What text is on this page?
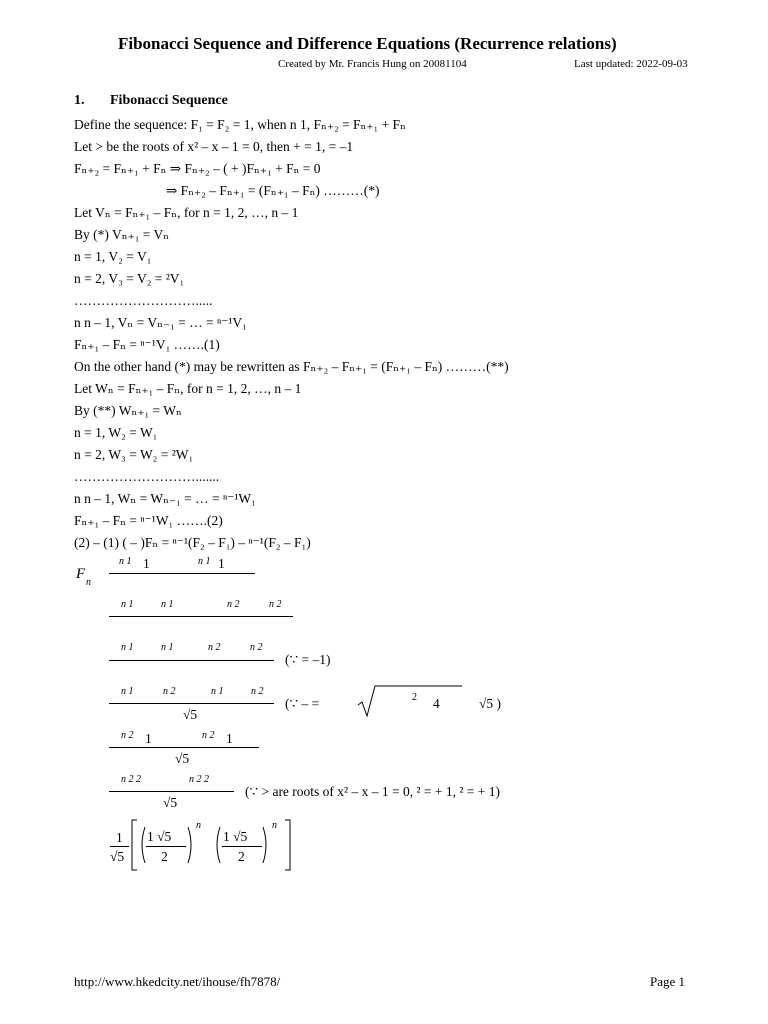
Fibonacci Sequence and Difference Equations (Recurrence relations)
Created by Mr. Francis Hung on 20081104	Last updated: 2022-09-03
1. Fibonacci Sequence
Define the sequence: F₁ = F₂ = 1, when n 1, Fₙ₊₂ = Fₙ₊₁ + Fₙ
Let > be the roots of x² – x – 1 = 0, then + = 1, = –1
Fₙ₊₂ = Fₙ₊₁ + Fₙ ⇒ Fₙ₊₂ – ( + )Fₙ₊₁ + Fₙ = 0
⇒ Fₙ₊₂ – Fₙ₊₁ = (Fₙ₊₁ – Fₙ) ………(*)
Let Vₙ = Fₙ₊₁ – Fₙ, for n = 1, 2, …, n – 1
By (*) Vₙ₊₁ = Vₙ
n = 1, V₂ = V₁
n = 2, V₃ = V₂ = ²V₁
……………………….....
n n – 1, Vₙ = Vₙ₋₁ = … = ⁿ⁻¹V₁
Fₙ₊₁ – Fₙ = ⁿ⁻¹V₁ …….(1)
On the other hand (*) may be rewritten as Fₙ₊₂ – Fₙ₊₁ = (Fₙ₊₁ – Fₙ) ………(**)
Let Wₙ = Fₙ₊₁ – Fₙ, for n = 1, 2, …, n – 1
By (**) Wₙ₊₁ = Wₙ
n = 1, W₂ = W₁
n = 2, W₃ = W₂ = ²W₁
……………………….......
n n – 1, Wₙ = Wₙ₋₁ = … = ⁿ⁻¹W₁
Fₙ₊₁ – Fₙ = ⁿ⁻¹W₁ …….(2)
(2) – (1) ( – )Fₙ = ⁿ⁻¹(F₂ – F₁) – ⁿ⁻¹(F₂ – F₁)
F
n
n 1 1	n 1 1
n 1	n 1	n 2	n 2
n 1	n 1	n 2	n 2
(∵ = –1)
n 1	n 2	n 1	n 2
√5
(∵ – =	2 4	√5 )
n 2 1	n 2 1
√5
n 2 2	n 2 2
√5
(∵ > are roots of x² – x – 1 = 0, ² = + 1, ² = + 1)
1
√5
1 √5
2
n
1 √5
2
n
http://www.hkedcity.net/ihouse/fh7878/	Page 1
